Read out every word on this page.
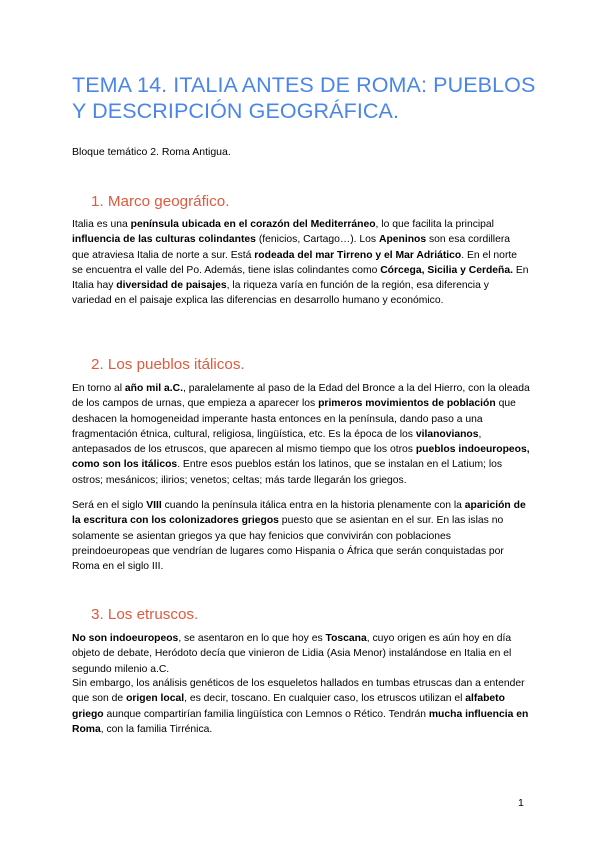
TEMA 14. ITALIA ANTES DE ROMA: PUEBLOS Y DESCRIPCIÓN GEOGRÁFICA.

Bloque temático 2. Roma Antigua.

1. Marco geográfico.

Italia es una península ubicada en el corazón del Mediterráneo, lo que facilita la principal influencia de las culturas colindantes (fenicios, Cartago…). Los Apeninos son esa cordillera que atraviesa Italia de norte a sur. Está rodeada del mar Tirreno y el Mar Adriático. En el norte se encuentra el valle del Po. Además, tiene islas colindantes como Córcega, Sicilia y Cerdeña. En Italia hay diversidad de paisajes, la riqueza varía en función de la región, esa diferencia y variedad en el paisaje explica las diferencias en desarrollo humano y económico.

2. Los pueblos itálicos.

En torno al año mil a.C., paralelamente al paso de la Edad del Bronce a la del Hierro, con la oleada de los campos de urnas, que empieza a aparecer los primeros movimientos de población que deshacen la homogeneidad imperante hasta entonces en la península, dando paso a una fragmentación étnica, cultural, religiosa, lingüística, etc. Es la época de los vilanovianos, antepasados de los etruscos, que aparecen al mismo tiempo que los otros pueblos indoeuropeos, como son los itálicos. Entre esos pueblos están los latinos, que se instalan en el Latium; los ostros; mesánicos; ilirios; venetos; celtas; más tarde llegarán los griegos.

Será en el siglo VIII cuando la península itálica entra en la historia plenamente con la aparición de la escritura con los colonizadores griegos puesto que se asientan en el sur. En las islas no solamente se asientan griegos ya que hay fenicios que convivirán con poblaciones preindoeuropeas que vendrían de lugares como Hispania o África que serán conquistadas por Roma en el siglo III.

3. Los etruscos.

No son indoeuropeos, se asentaron en lo que hoy es Toscana, cuyo origen es aún hoy en día objeto de debate, Heródoto decía que vinieron de Lidia (Asia Menor) instalándose en Italia en el segundo milenio a.C.

Sin embargo, los análisis genéticos de los esqueletos hallados en tumbas etruscas dan a entender que son de origen local, es decir, toscano. En cualquier caso, los etruscos utilizan el alfabeto griego aunque compartirían familia lingüística con Lemnos o Rético. Tendrán mucha influencia en Roma, con la familia Tirrénica.

1
